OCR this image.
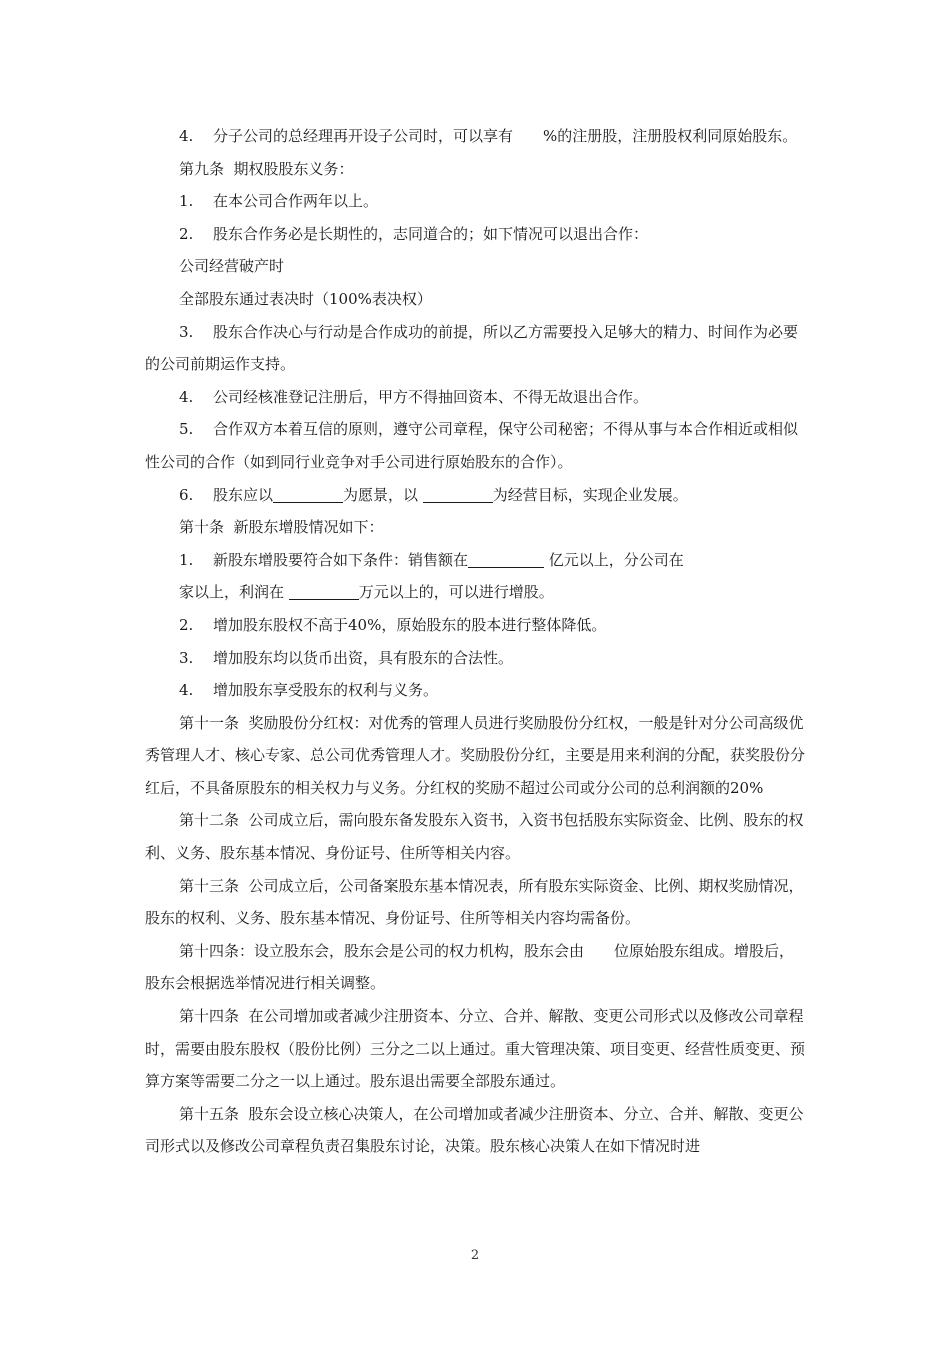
4. 分子公司的总经理再开设子公司时，可以享有 %的注册股，注册股权利同原始股东。

第九条  期权股股东义务：

1. 在本公司合作两年以上。

2. 股东合作务必是长期性的，志同道合的；如下情况可以退出合作：

公司经营破产时

全部股东通过表决时（100%表决权）

3. 股东合作决心与行动是合作成功的前提，所以乙方需要投入足够大的精力、时间作为必要的公司前期运作支持。

4. 公司经核准登记注册后，甲方不得抽回资本、不得无故退出合作。

5. 合作双方本着互信的原则，遵守公司章程，保守公司秘密；不得从事与本合作相近或相似性公司的合作（如到同行业竞争对手公司进行原始股东的合作）。

6. 股东应以	为愿景，以	为经营目标，实现企业发展。

第十条  新股东增股情况如下：

1. 新股东增股要符合如下条件：销售额在	亿元以上，分公司在

家以上，利润在	万元以上的，可以进行增股。

2. 增加股东股权不高于40%，原始股东的股本进行整体降低。

3. 增加股东均以货币出资，具有股东的合法性。

4. 增加股东享受股东的权利与义务。

第十一条  奖励股份分红权：对优秀的管理人员进行奖励股份分红权，一般是针对分公司高级优秀管理人才、核心专家、总公司优秀管理人才。奖励股份分红，主要是用来利润的分配，获奖股份分红后，不具备原股东的相关权力与义务。分红权的奖励不超过公司或分公司的总利润额的20%

第十二条  公司成立后，需向股东备发股东入资书，入资书包括股东实际资金、比例、股东的权利、义务、股东基本情况、身份证号、住所等相关内容。

第十三条  公司成立后，公司备案股东基本情况表，所有股东实际资金、比例、期权奖励情况，股东的权利、义务、股东基本情况、身份证号、住所等相关内容均需备份。

第十四条：设立股东会，股东会是公司的权力机构，股东会由 位原始股东组成。增股后，股东会根据选举情况进行相关调整。

第十四条  在公司增加或者减少注册资本、分立、合并、解散、变更公司形式以及修改公司章程时，需要由股东股权（股份比例）三分之二以上通过。重大管理决策、项目变更、经营性质变更、预算方案等需要二分之一以上通过。股东退出需要全部股东通过。

第十五条  股东会设立核心决策人，在公司增加或者减少注册资本、分立、合并、解散、变更公司形式以及修改公司章程负责召集股东讨论，决策。股东核心决策人在如下情况时进

2
